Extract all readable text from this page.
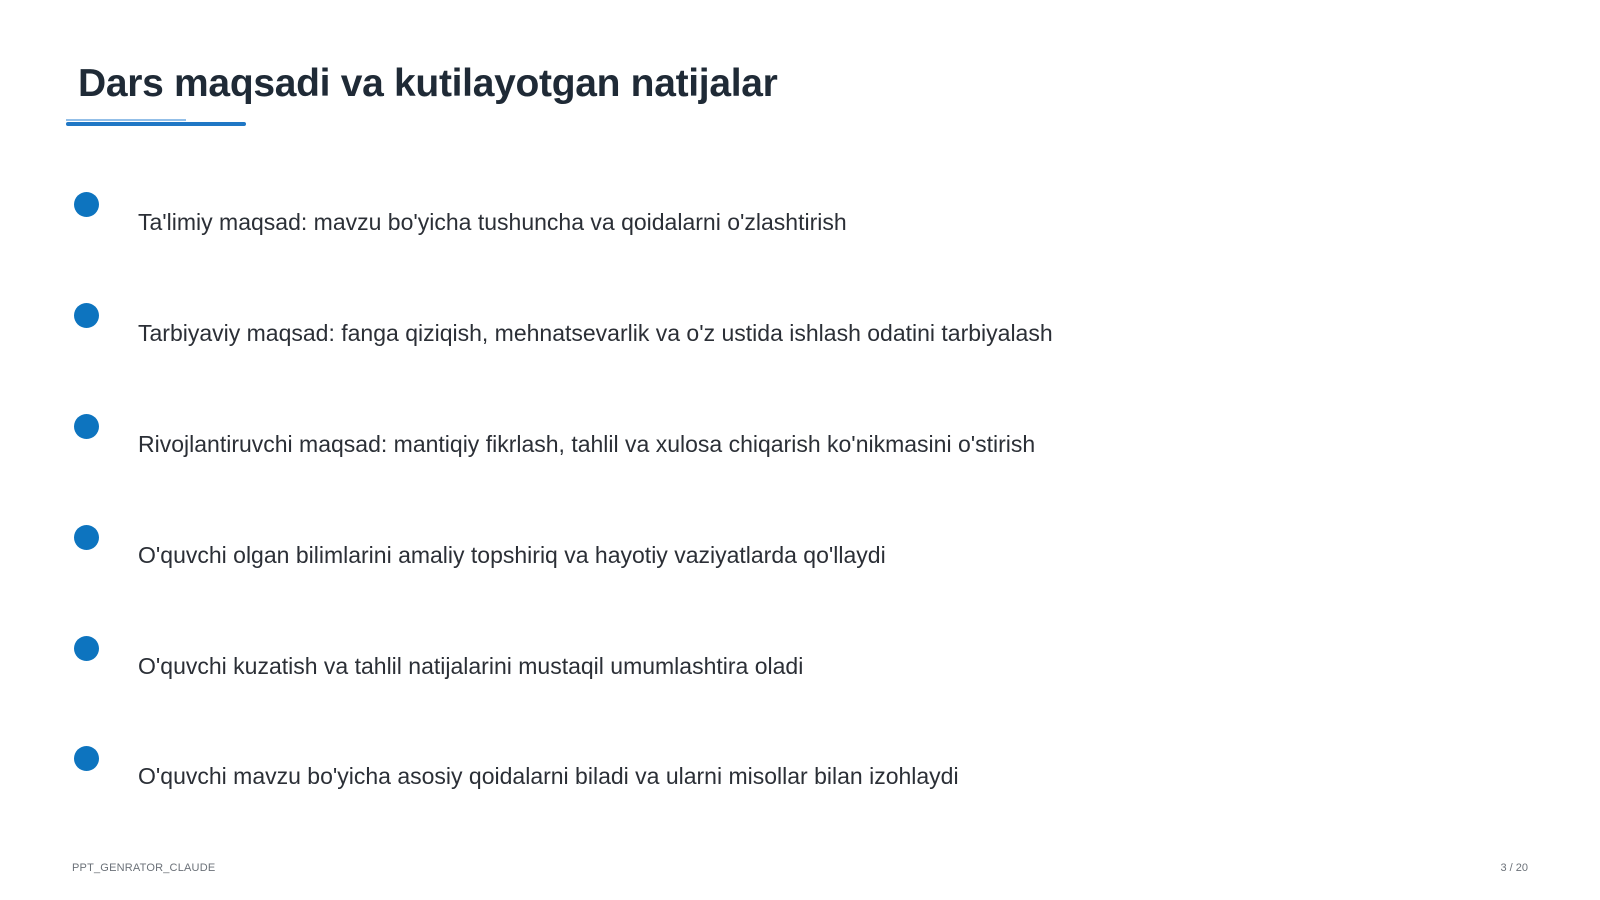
Dars maqsadi va kutilayotgan natijalar
Ta'limiy maqsad: mavzu bo'yicha tushuncha va qoidalarni o'zlashtirish
Tarbiyaviy maqsad: fanga qiziqish, mehnatsevarlik va o'z ustida ishlash odatini tarbiyalash
Rivojlantiruvchi maqsad: mantiqiy fikrlash, tahlil va xulosa chiqarish ko'nikmasini o'stirish
O'quvchi olgan bilimlarini amaliy topshiriq va hayotiy vaziyatlarda qo'llaydi
O'quvchi kuzatish va tahlil natijalarini mustaqil umumlashtira oladi
O'quvchi mavzu bo'yicha asosiy qoidalarni biladi va ularni misollar bilan izohlaydi
PPT_GENRATOR_CLAUDE	3 / 20
